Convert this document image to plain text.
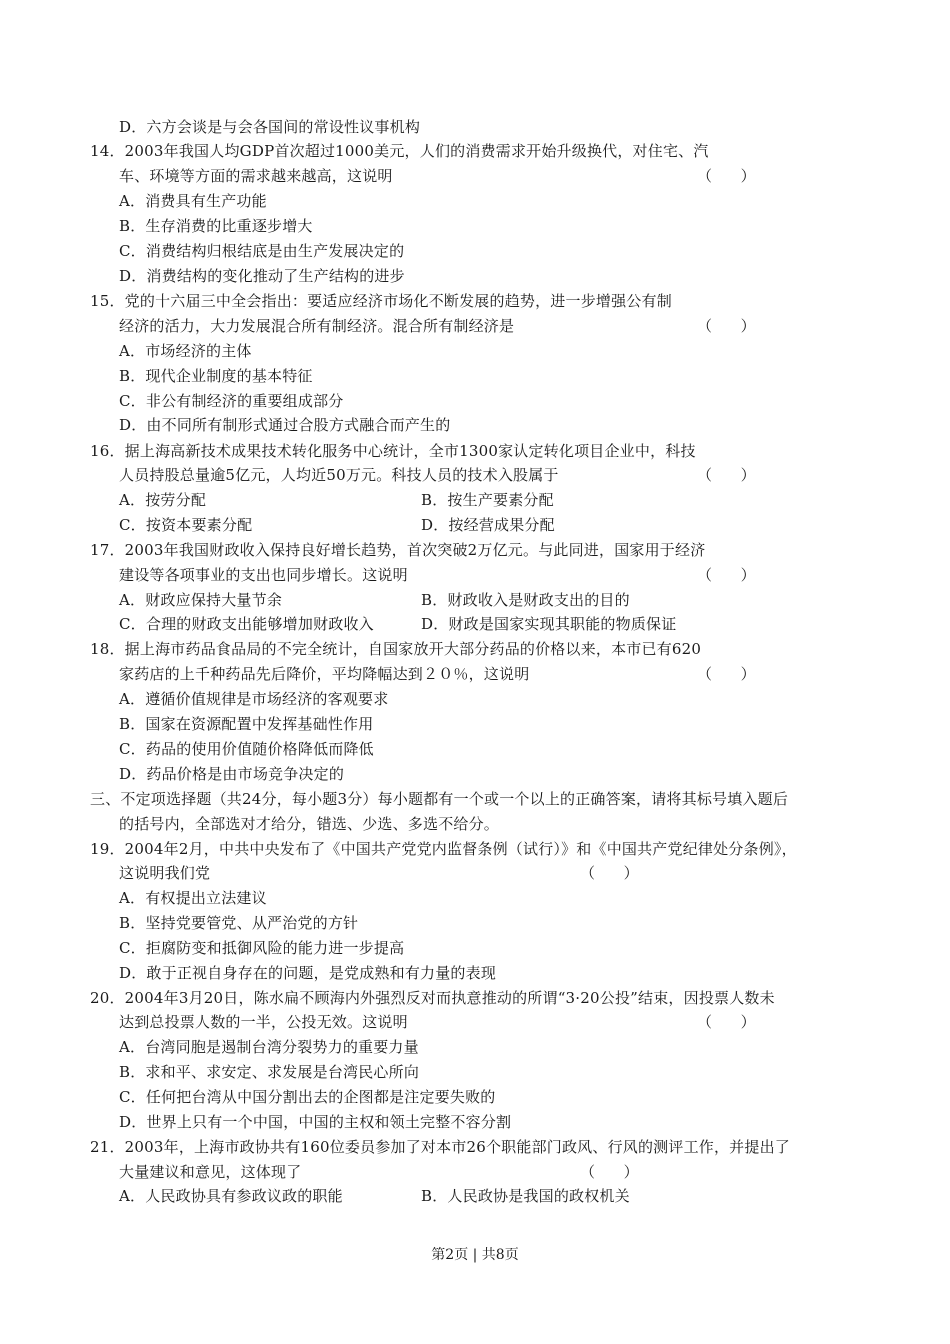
D．六方会谈是与会各国间的常设性议事机构
14．2003年我国人均GDP首次超过1000美元，人们的消费需求开始升级换代，对住宅、汽
车、环境等方面的需求越来越高，这说明
A．消费具有生产功能
B．生存消费的比重逐步增大
C．消费结构归根结底是由生产发展决定的
D．消费结构的变化推动了生产结构的进步
15．党的十六届三中全会指出：要适应经济市场化不断发展的趋势，进一步增强公有制
经济的活力，大力发展混合所有制经济。混合所有制经济是
A．市场经济的主体
B．现代企业制度的基本特征
C．非公有制经济的重要组成部分
D．由不同所有制形式通过合股方式融合而产生的
16．据上海高新技术成果技术转化服务中心统计，全市1300家认定转化项目企业中，科技
人员持股总量逾5亿元，人均近50万元。科技人员的技术入股属于
A．按劳分配	B．按生产要素分配
C．按资本要素分配	D．按经营成果分配
17．2003年我国财政收入保持良好增长趋势，首次突破2万亿元。与此同进，国家用于经济
建设等各项事业的支出也同步增长。这说明
A．财政应保持大量节余	B．财政收入是财政支出的目的
C．合理的财政支出能够增加财政收入	D．财政是国家实现其职能的物质保证
18．据上海市药品食品局的不完全统计，自国家放开大部分药品的价格以来，本市已有620
家药店的上千种药品先后降价，平均降幅达到２０％，这说明
A．遵循价值规律是市场经济的客观要求
B．国家在资源配置中发挥基础性作用
C．药品的使用价值随价格降低而降低
D．药品价格是由市场竞争决定的
三、不定项选择题（共24分，每小题3分）每小题都有一个或一个以上的正确答案，请将其标号填入题后
的括号内，全部选对才给分，错选、少选、多选不给分。
19．2004年2月，中共中央发布了《中国共产党党内监督条例（试行）》和《中国共产党纪律处分条例》，
这说明我们党
A．有权提出立法建议
B．坚持党要管党、从严治党的方针
C．拒腐防变和抵御风险的能力进一步提高
D．敢于正视自身存在的问题，是党成熟和有力量的表现
20．2004年3月20日，陈水扁不顾海内外强烈反对而执意推动的所谓“3·20公投”结束，因投票人数未
达到总投票人数的一半，公投无效。这说明
A．台湾同胞是遏制台湾分裂势力的重要力量
B．求和平、求安定、求发展是台湾民心所向
C．任何把台湾从中国分割出去的企图都是注定要失败的
D．世界上只有一个中国，中国的主权和领土完整不容分割
21．2003年，上海市政协共有160位委员参加了对本市26个职能部门政风、行风的测评工作，并提出了
大量建议和意见，这体现了
A．人民政协具有参政议政的职能	B．人民政协是我国的政权机关
（      ）
（      ）
（      ）
（      ）
（      ）
（      ）
（      ）
（      ）
第2页 | 共8页
